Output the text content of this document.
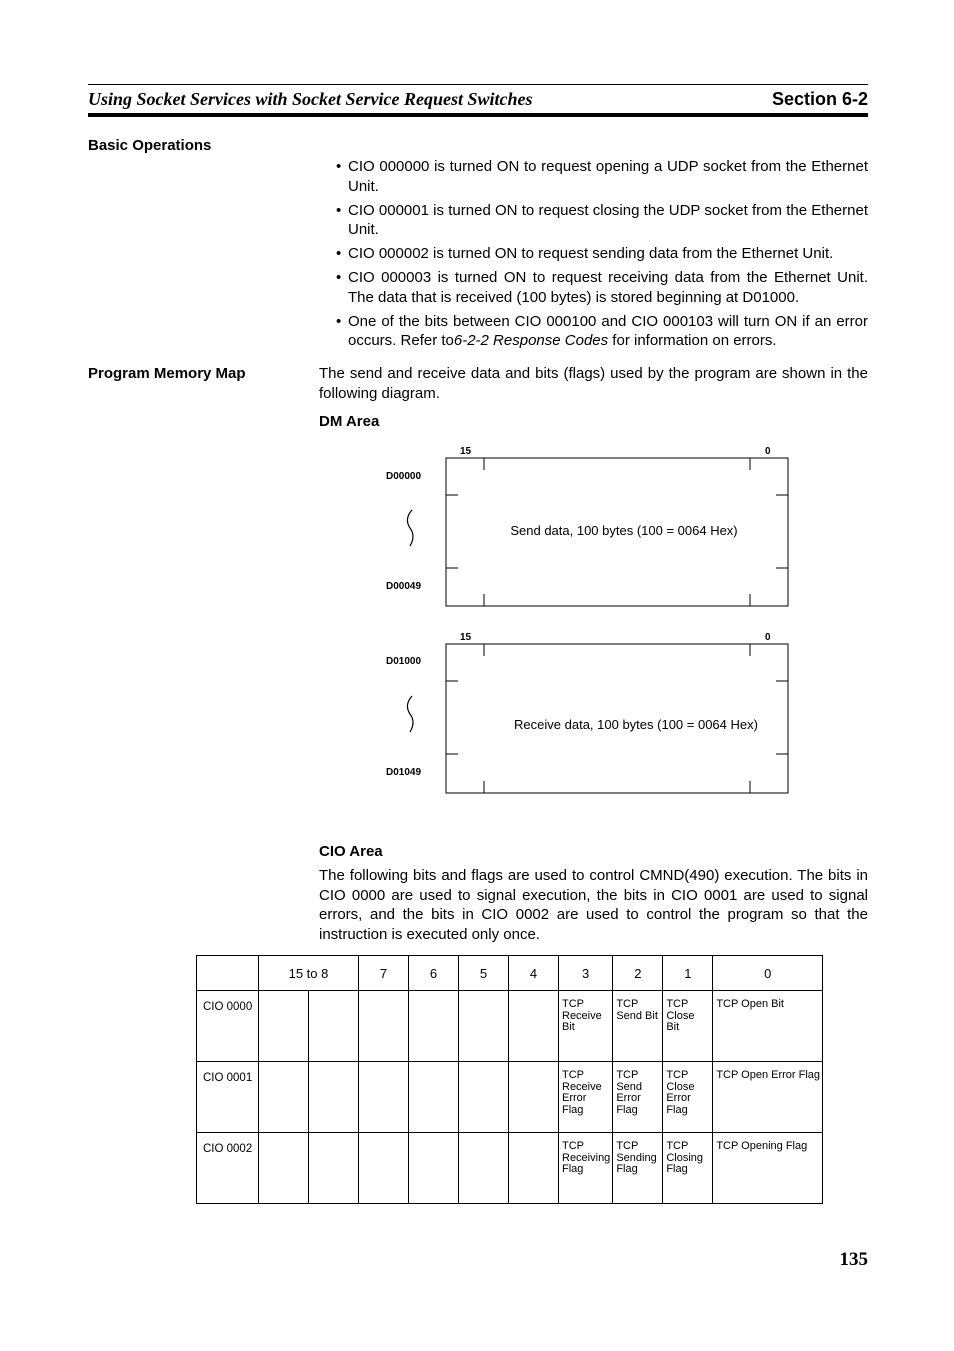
Using Socket Services with Socket Service Request Switches	Section 6-2
Basic Operations
• CIO 000000 is turned ON to request opening a UDP socket from the Ethernet Unit.
• CIO 000001 is turned ON to request closing the UDP socket from the Ethernet Unit.
• CIO 000002 is turned ON to request sending data from the Ethernet Unit.
• CIO 000003 is turned ON to request receiving data from the Ethernet Unit. The data that is received (100 bytes) is stored beginning at D01000.
• One of the bits between CIO 000100 and CIO 000103 will turn ON if an error occurs. Refer to6-2-2 Response Codes for information on errors.
Program Memory Map	The send and receive data and bits (flags) used by the program are shown in the following diagram.
DM Area
15	0
D00000
D00049
Send data, 100 bytes (100 = 0064 Hex)
15	0
D01000
D01049
Receive data, 100 bytes (100 = 0064 Hex)
CIO Area
The following bits and flags are used to control CMND(490) execution. The bits in CIO 0000 are used to signal execution, the bits in CIO 0001 are used to signal errors, and the bits in CIO 0002 are used to control the program so that the instruction is executed only once.
	15 to 8		7	6	5	4	3	2	1	0
CIO 0000							TCP Receive Bit	TCP Send Bit	TCP Close Bit	TCP Open Bit
CIO 0001							TCP Receive Error Flag	TCP Send Error Flag	TCP Close Error Flag	TCP Open Error Flag
CIO 0002							TCP Receiving Flag	TCP Sending Flag	TCP Closing Flag	TCP Opening Flag
135
